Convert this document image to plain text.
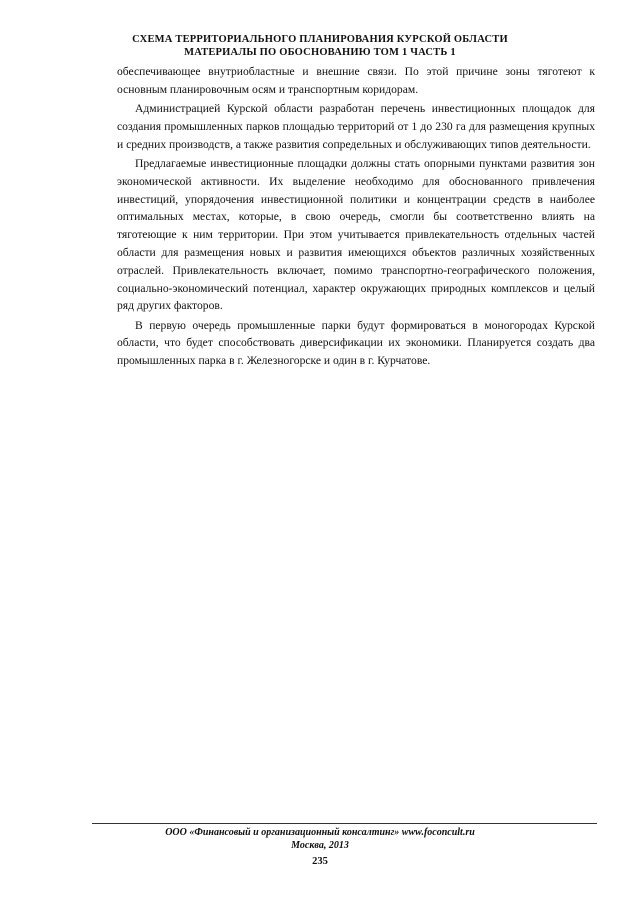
СХЕМА ТЕРРИТОРИАЛЬНОГО ПЛАНИРОВАНИЯ КУРСКОЙ ОБЛАСТИ
МАТЕРИАЛЫ ПО ОБОСНОВАНИЮ ТОМ 1 ЧАСТЬ 1

обеспечивающее внутриобластные и внешние связи. По этой причине зоны тяготеют к основным планировочным осям и транспортным коридорам.

Администрацией Курской области разработан перечень инвестиционных площадок для создания промышленных парков площадью территорий от 1 до 230 га для размещения крупных и средних производств, а также развития сопредельных и обслуживающих типов деятельности.

Предлагаемые инвестиционные площадки должны стать опорными пунктами развития зон экономической активности. Их выделение необходимо для обоснованного привлечения инвестиций, упорядочения инвестиционной политики и концентрации средств в наиболее оптимальных местах, которые, в свою очередь, смогли бы соответственно влиять на тяготеющие к ним территории. При этом учитывается привлекательность отдельных частей области для размещения новых и развития имеющихся объектов различных хозяйственных отраслей. Привлекательность включает, помимо транспортно-географического положения, социально-экономический потенциал, характер окружающих природных комплексов и целый ряд других факторов.

В первую очередь промышленные парки будут формироваться в моногородах Курской области, что будет способствовать диверсификации их экономики. Планируется создать два промышленных парка в г. Железногорске и один в г. Курчатове.

ООО «Финансовый и организационный консалтинг» www.foconcult.ru
Москва, 2013
235
